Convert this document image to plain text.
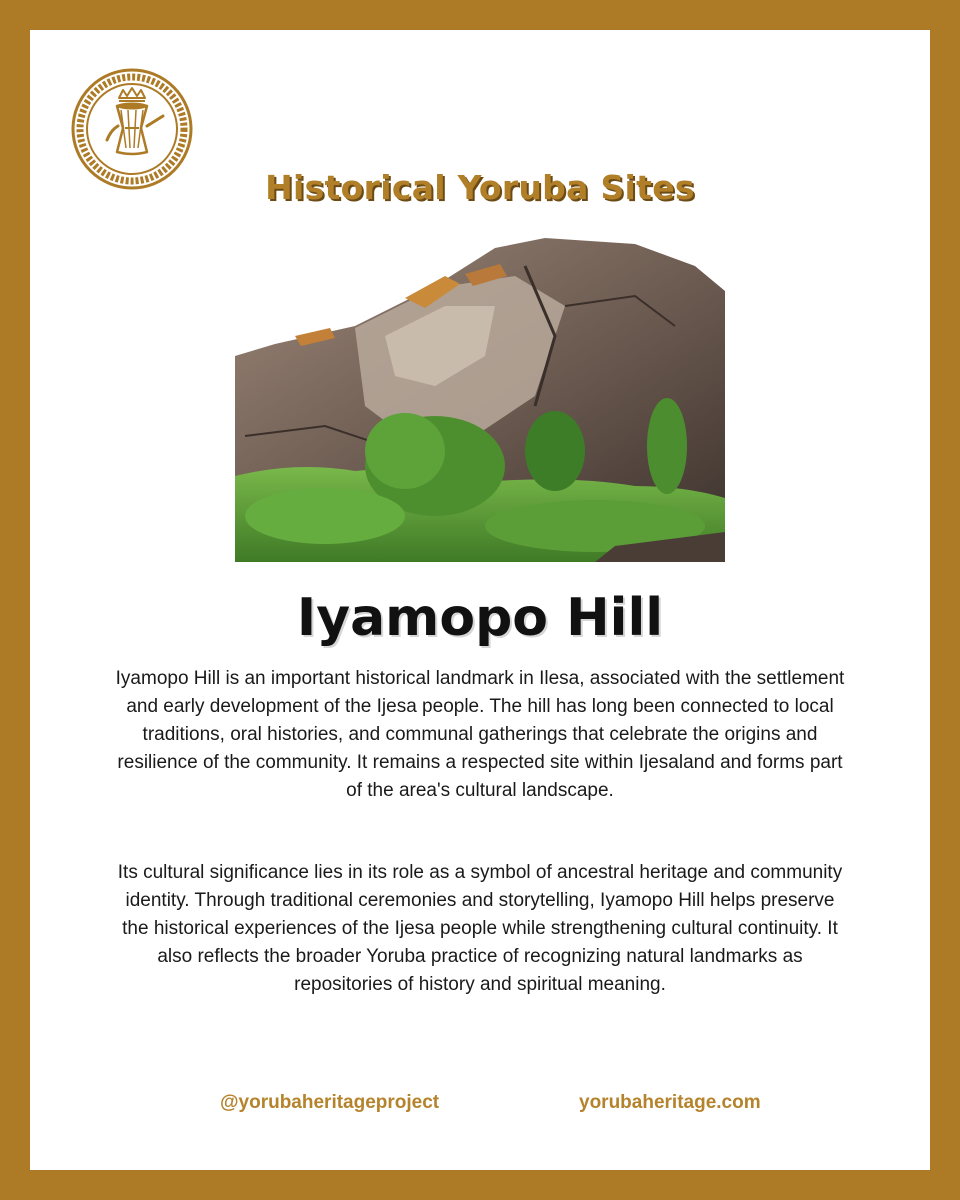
Historical Yoruba Sites
Iyamopo Hill
Iyamopo Hill is an important historical landmark in Ilesa, associated with the settlement and early development of the Ijesa people. The hill has long been connected to local traditions, oral histories, and communal gatherings that celebrate the origins and resilience of the community. It remains a respected site within Ijesaland and forms part of the area's cultural landscape.
Its cultural significance lies in its role as a symbol of ancestral heritage and community identity. Through traditional ceremonies and storytelling, Iyamopo Hill helps preserve the historical experiences of the Ijesa people while strengthening cultural continuity. It also reflects the broader Yoruba practice of recognizing natural landmarks as repositories of history and spiritual meaning.
@yorubaheritageproject	yorubaheritage.com
